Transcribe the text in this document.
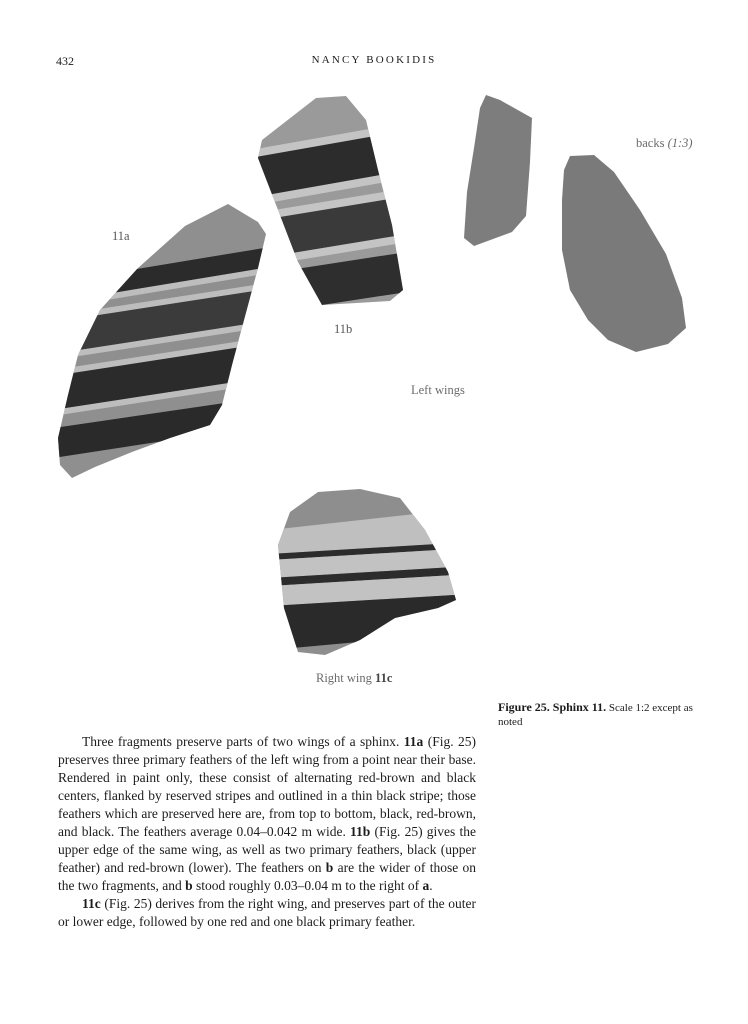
432	NANCY BOOKIDIS
11a
11b
backs (1:3)
Left wings
Right wing 11c
Figure 25. Sphinx 11. Scale 1:2 except as noted

Three fragments preserve parts of two wings of a sphinx. 11a (Fig. 25) preserves three primary feathers of the left wing from a point near their base. Rendered in paint only, these consist of alternating red-brown and black centers, flanked by reserved stripes and outlined in a thin black stripe; those feathers which are preserved here are, from top to bottom, black, red-brown, and black. The feathers average 0.04–0.042 m wide. 11b (Fig. 25) gives the upper edge of the same wing, as well as two primary feathers, black (upper feather) and red-brown (lower). The feathers on b are the wider of those on the two fragments, and b stood roughly 0.03–0.04 m to the right of a.

11c (Fig. 25) derives from the right wing, and preserves part of the outer or lower edge, followed by one red and one black primary feather.
